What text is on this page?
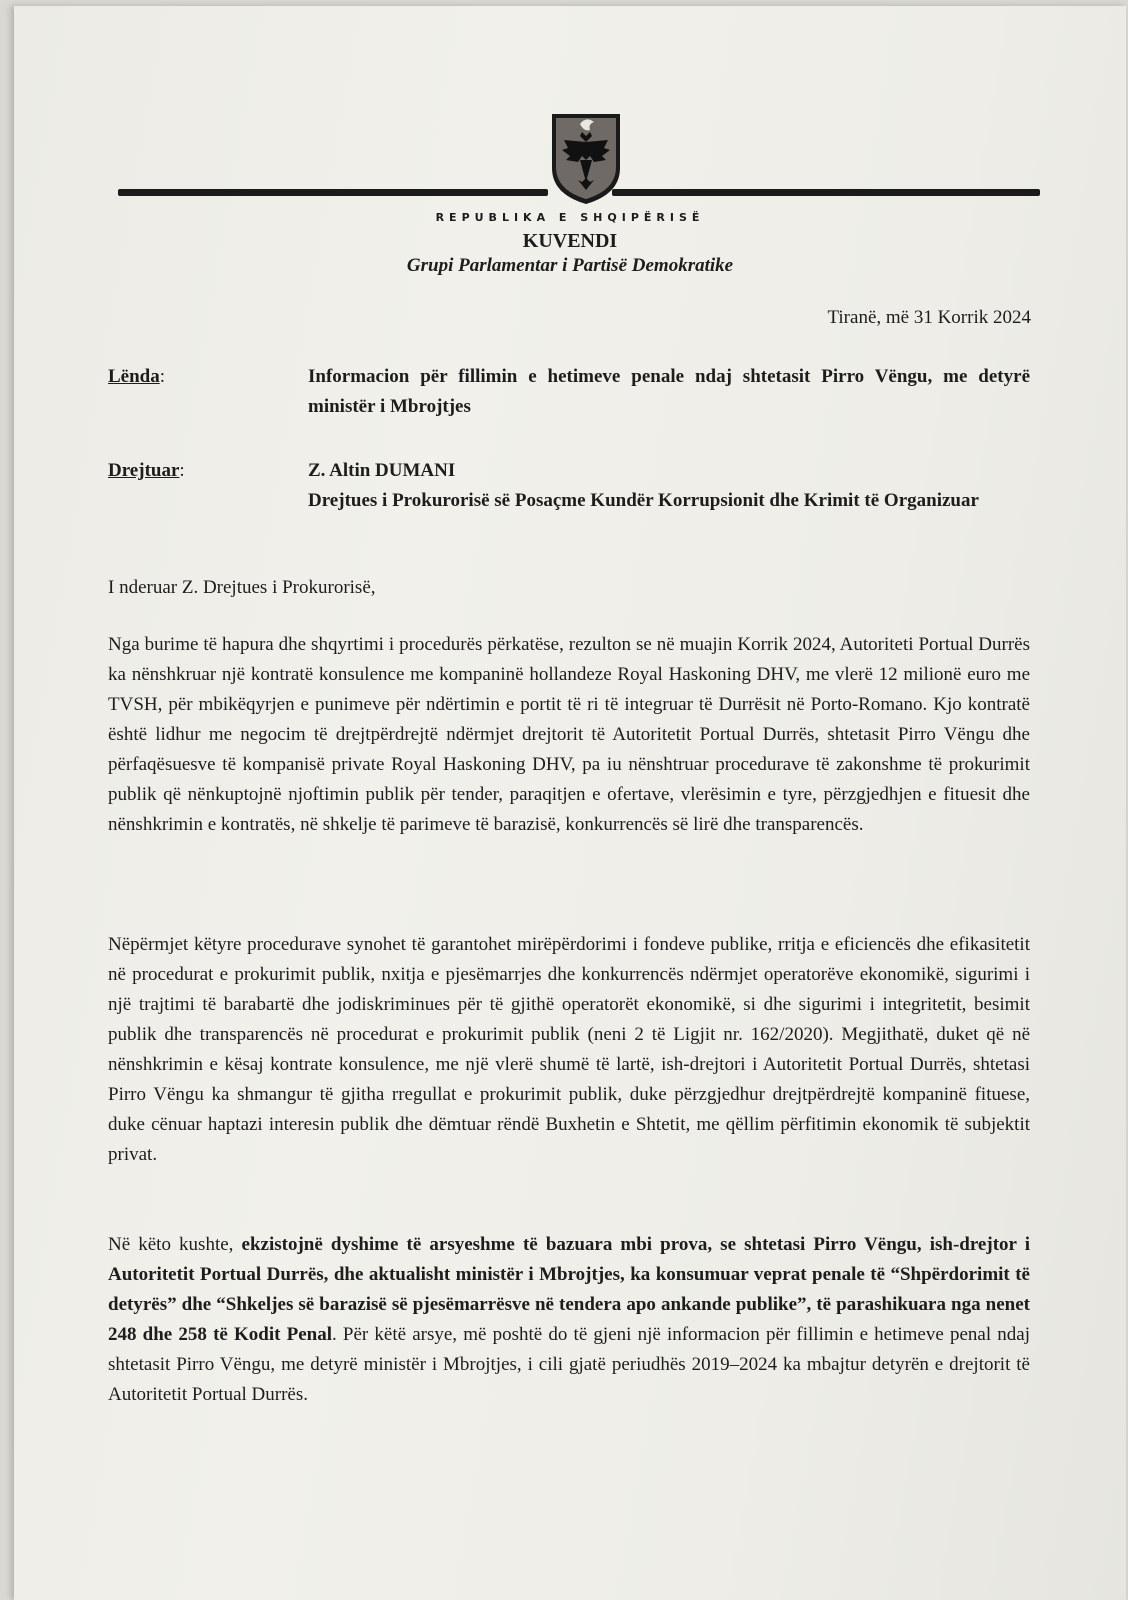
REPUBLIKA E SHQIPËRISË
KUVENDI
Grupi Parlamentar i Partisë Demokratike
Tiranë, më 31 Korrik 2024
Lënda:	Informacion për fillimin e hetimeve penale ndaj shtetasit Pirro Vëngu, me detyrë ministër i Mbrojtjes
Drejtuar:	Z. Altin DUMANI
Drejtues i Prokurorisë së Posaçme Kundër Korrupsionit dhe Krimit të Organizuar
I nderuar Z. Drejtues i Prokurorisë,
Nga burime të hapura dhe shqyrtimi i procedurës përkatëse, rezulton se në muajin Korrik 2024, Autoriteti Portual Durrës ka nënshkruar një kontratë konsulence me kompaninë hollandeze Royal Haskoning DHV, me vlerë 12 milionë euro me TVSH, për mbikëqyrjen e punimeve për ndërtimin e portit të ri të integruar të Durrësit në Porto-Romano. Kjo kontratë është lidhur me negocim të drejtpërdrejtë ndërmjet drejtorit të Autoritetit Portual Durrës, shtetasit Pirro Vëngu dhe përfaqësuesve të kompanisë private Royal Haskoning DHV, pa iu nënshtruar procedurave të zakonshme të prokurimit publik që nënkuptojnë njoftimin publik për tender, paraqitjen e ofertave, vlerësimin e tyre, përzgjedhjen e fituesit dhe nënshkrimin e kontratës, në shkelje të parimeve të barazisë, konkurrencës së lirë dhe transparencës.
Nëpërmjet këtyre procedurave synohet të garantohet mirëpërdorimi i fondeve publike, rritja e eficiencës dhe efikasitetit në procedurat e prokurimit publik, nxitja e pjesëmarrjes dhe konkurrencës ndërmjet operatorëve ekonomikë, sigurimi i një trajtimi të barabartë dhe jodiskriminues për të gjithë operatorët ekonomikë, si dhe sigurimi i integritetit, besimit publik dhe transparencës në procedurat e prokurimit publik (neni 2 të Ligjit nr. 162/2020). Megjithatë, duket që në nënshkrimin e kësaj kontrate konsulence, me një vlerë shumë të lartë, ish-drejtori i Autoritetit Portual Durrës, shtetasi Pirro Vëngu ka shmangur të gjitha rregullat e prokurimit publik, duke përzgjedhur drejtpërdrejtë kompaninë fituese, duke cënuar haptazi interesin publik dhe dëmtuar rëndë Buxhetin e Shtetit, me qëllim përfitimin ekonomik të subjektit privat.
Në këto kushte, ekzistojnë dyshime të arsyeshme të bazuara mbi prova, se shtetasi Pirro Vëngu, ish-drejtor i Autoritetit Portual Durrës, dhe aktualisht ministër i Mbrojtjes, ka konsumuar veprat penale të “Shpërdorimit të detyrës” dhe “Shkeljes së barazisë së pjesëmarrësve në tendera apo ankande publike”, të parashikuara nga nenet 248 dhe 258 të Kodit Penal. Për këtë arsye, më poshtë do të gjeni një informacion për fillimin e hetimeve penal ndaj shtetasit Pirro Vëngu, me detyrë ministër i Mbrojtjes, i cili gjatë periudhës 2019–2024 ka mbajtur detyrën e drejtorit të Autoritetit Portual Durrës.
